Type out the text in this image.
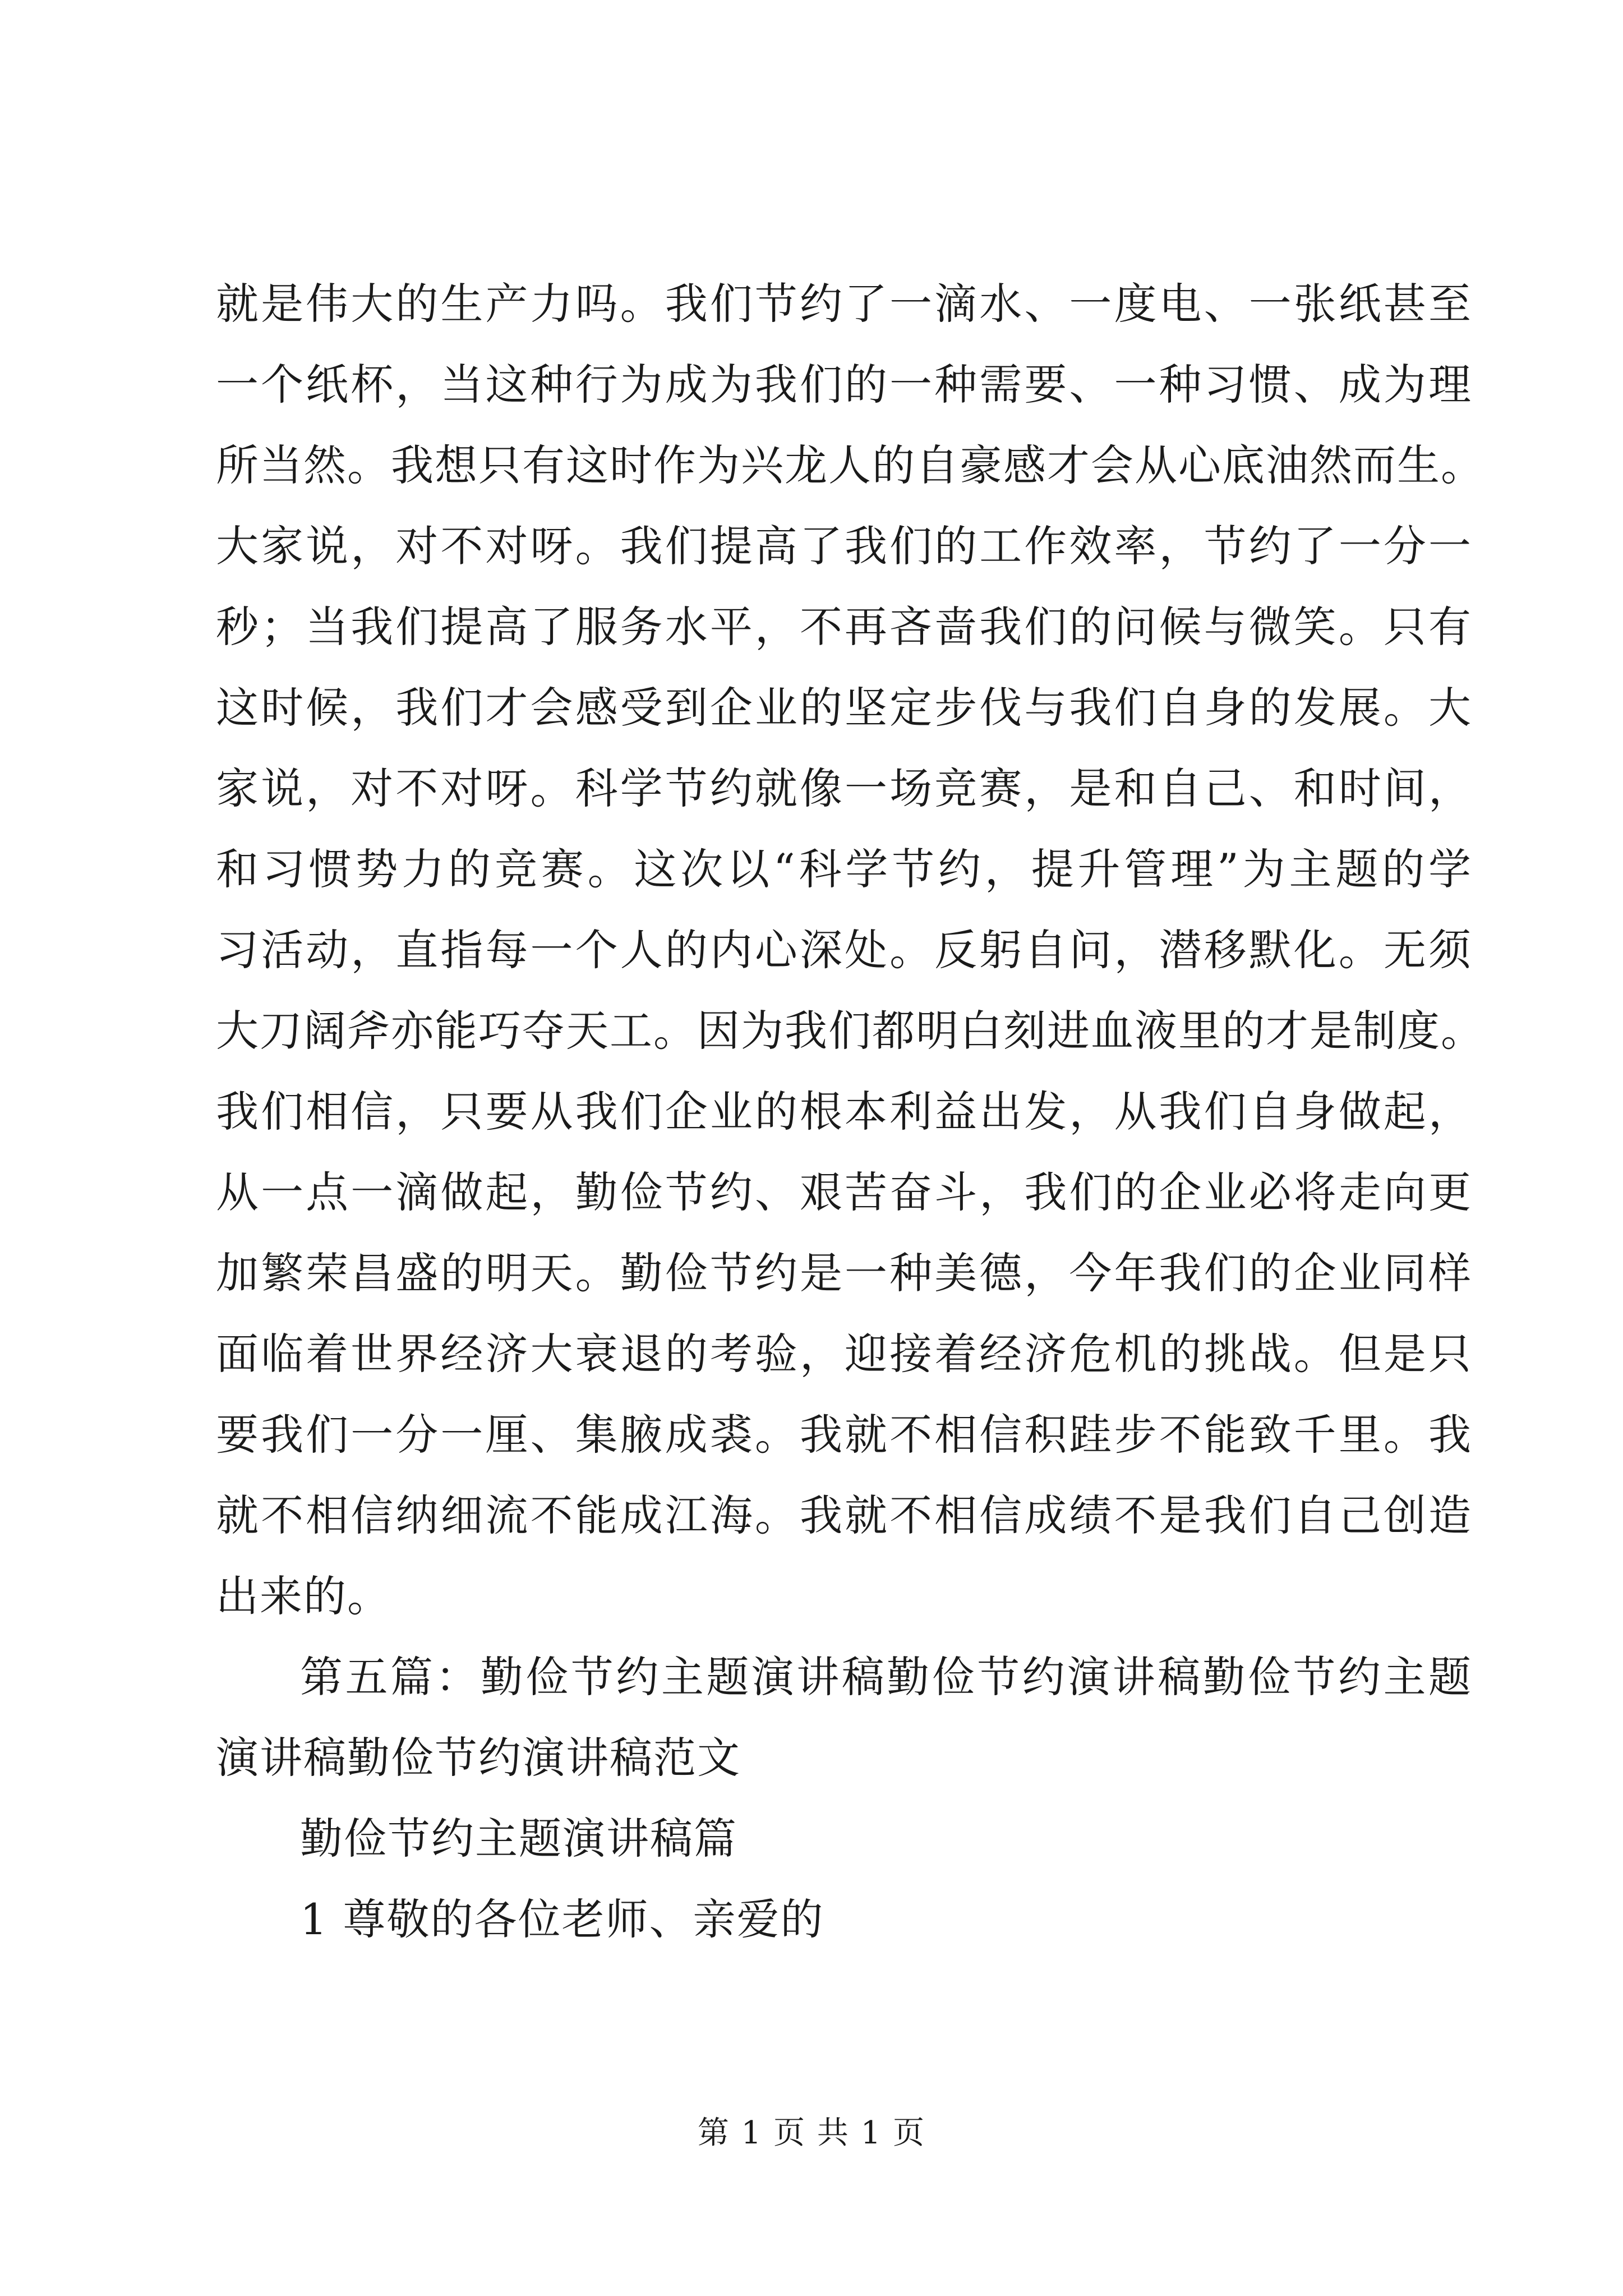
就是伟大的生产力吗。我们节约了一滴水、一度电、一张纸甚至
一个纸杯，当这种行为成为我们的一种需要、一种习惯、成为理
所当然。我想只有这时作为兴龙人的自豪感才会从心底油然而生。
大家说，对不对呀。我们提高了我们的工作效率，节约了一分一
秒；当我们提高了服务水平，不再吝啬我们的问候与微笑。只有
这时候，我们才会感受到企业的坚定步伐与我们自身的发展。大
家说，对不对呀。科学节约就像一场竞赛，是和自己、和时间，
和习惯势力的竞赛。这次以“科学节约，提升管理”为主题的学
习活动，直指每一个人的内心深处。反躬自问，潜移默化。无须
大刀阔斧亦能巧夺天工。因为我们都明白刻进血液里的才是制度。
我们相信，只要从我们企业的根本利益出发，从我们自身做起，
从一点一滴做起，勤俭节约、艰苦奋斗，我们的企业必将走向更
加繁荣昌盛的明天。勤俭节约是一种美德，今年我们的企业同样
面临着世界经济大衰退的考验，迎接着经济危机的挑战。但是只
要我们一分一厘、集腋成裘。我就不相信积跬步不能致千里。我
就不相信纳细流不能成江海。我就不相信成绩不是我们自己创造
出来的。
第五篇：勤俭节约主题演讲稿勤俭节约演讲稿勤俭节约主题
演讲稿勤俭节约演讲稿范文
勤俭节约主题演讲稿篇
1 尊敬的各位老师、亲爱的
第 1 页 共 1 页
